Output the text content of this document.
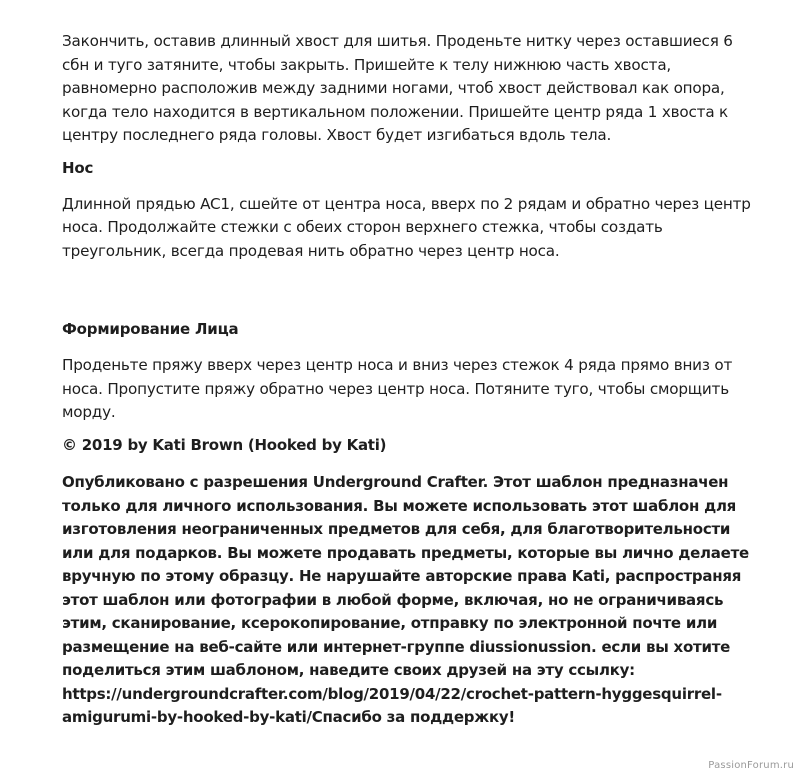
Закончить, оставив длинный хвост для шитья. Проденьте нитку через оставшиеся 6 сбн и туго затяните, чтобы закрыть. Пришейте к телу нижнюю часть хвоста, равномерно расположив между задними ногами, чтоб хвост действовал как опора, когда тело находится в вертикальном положении. Пришейте центр ряда 1 хвоста к центру последнего ряда головы. Хвост будет изгибаться вдоль тела.

Нос

Длинной прядью AC1, сшейте от центра носа, вверх по 2 рядам и обратно через центр носа. Продолжайте стежки с обеих сторон верхнего стежка, чтобы создать треугольник, всегда продевая нить обратно через центр носа.

Формирование Лица

Проденьте пряжу вверх через центр носа и вниз через стежок 4 ряда прямо вниз от носа. Пропустите пряжу обратно через центр носа. Потяните туго, чтобы сморщить морду.

© 2019 by Kati Brown (Hooked by Kati)

Опубликовано с разрешения Underground Crafter. Этот шаблон предназначен только для личного использования. Вы можете использовать этот шаблон для изготовления неограниченных предметов для себя, для благотворительности или для подарков. Вы можете продавать предметы, которые вы лично делаете вручную по этому образцу. Не нарушайте авторские права Kati, распространяя этот шаблон или фотографии в любой форме, включая, но не ограничиваясь этим, сканирование, ксерокопирование, отправку по электронной почте или размещение на веб-сайте или интернет-группе diussionussion. если вы хотите поделиться этим шаблоном, наведите своих друзей на эту ссылку: https://undergroundcrafter.com/blog/2019/04/22/crochet-pattern-hyggesquirrel-amigurumi-by-hooked-by-kati/Спасибо за поддержку!

PassionForum.ru
